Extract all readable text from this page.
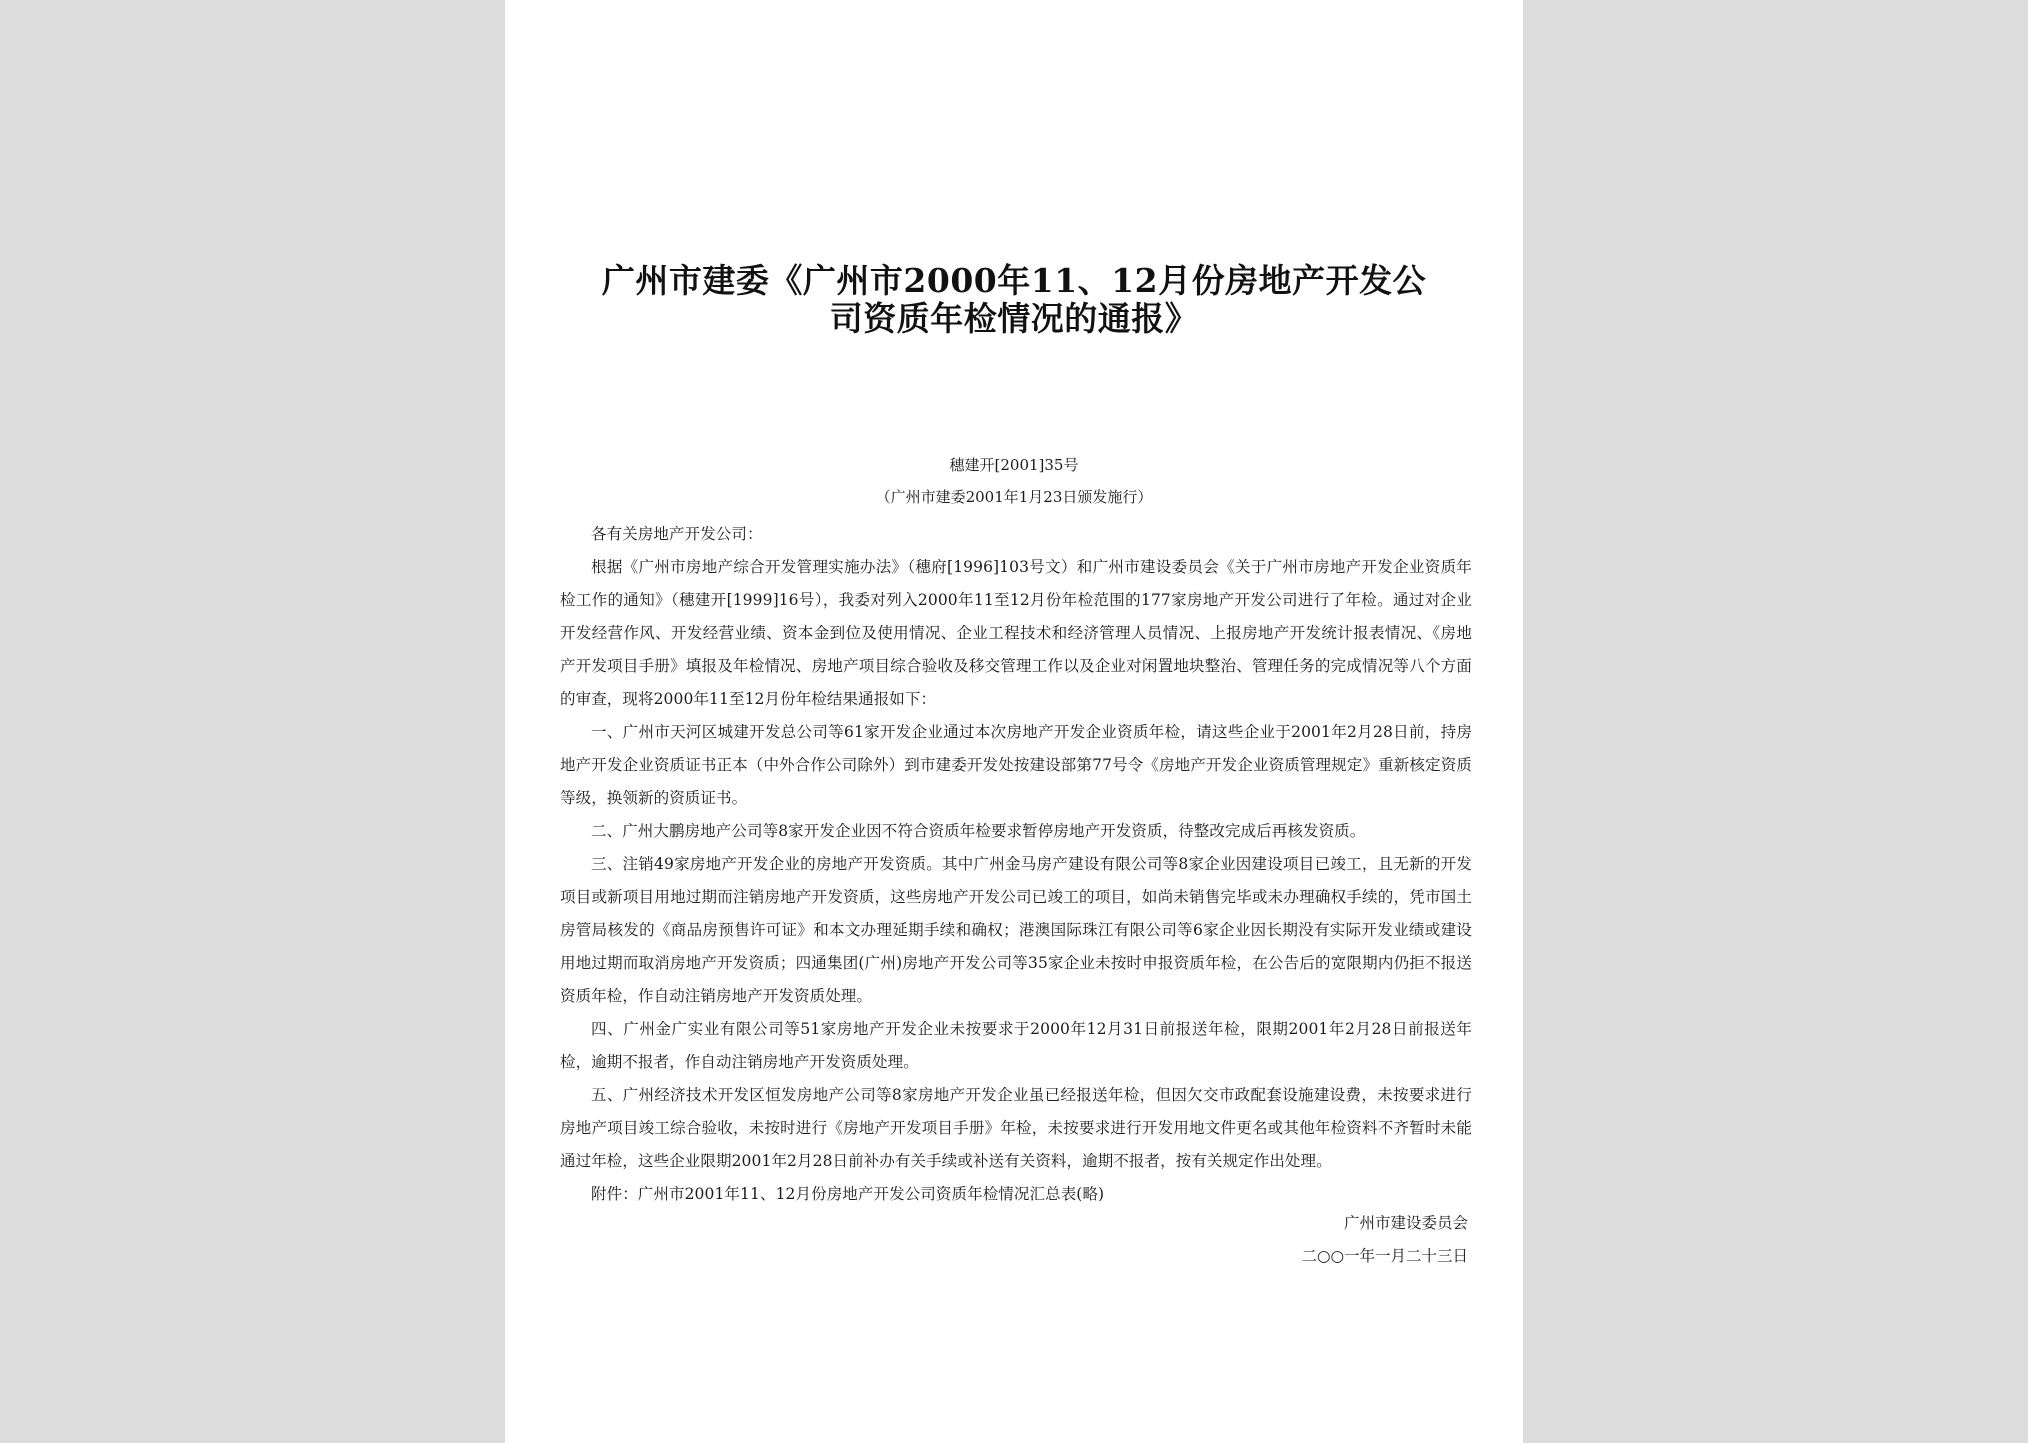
广州市建委《广州市2000年11、12月份房地产开发公司资质年检情况的通报》
穗建开[2001]35号
（广州市建委2001年1月23日颁发施行）

各有关房地产开发公司：

根据《广州市房地产综合开发管理实施办法》（穗府[1996]103号文）和广州市建设委员会《关于广州市房地产开发企业资质年检工作的通知》（穗建开[1999]16号），我委对列入2000年11至12月份年检范围的177家房地产开发公司进行了年检。通过对企业开发经营作风、开发经营业绩、资本金到位及使用情况、企业工程技术和经济管理人员情况、上报房地产开发统计报表情况、《房地产开发项目手册》填报及年检情况、房地产项目综合验收及移交管理工作以及企业对闲置地块整治、管理任务的完成情况等八个方面的审查，现将2000年11至12月份年检结果通报如下：

一、广州市天河区城建开发总公司等61家开发企业通过本次房地产开发企业资质年检，请这些企业于2001年2月28日前，持房地产开发企业资质证书正本（中外合作公司除外）到市建委开发处按建设部第77号令《房地产开发企业资质管理规定》重新核定资质等级，换领新的资质证书。

二、广州大鹏房地产公司等8家开发企业因不符合资质年检要求暂停房地产开发资质，待整改完成后再核发资质。

三、注销49家房地产开发企业的房地产开发资质。其中广州金马房产建设有限公司等8家企业因建设项目已竣工，且无新的开发项目或新项目用地过期而注销房地产开发资质，这些房地产开发公司已竣工的项目，如尚未销售完毕或未办理确权手续的，凭市国土房管局核发的《商品房预售许可证》和本文办理延期手续和确权；港澳国际珠江有限公司等6家企业因长期没有实际开发业绩或建设用地过期而取消房地产开发资质；四通集团(广州)房地产开发公司等35家企业未按时申报资质年检，在公告后的宽限期内仍拒不报送资质年检，作自动注销房地产开发资质处理。

四、广州金广实业有限公司等51家房地产开发企业未按要求于2000年12月31日前报送年检，限期2001年2月28日前报送年检，逾期不报者，作自动注销房地产开发资质处理。

五、广州经济技术开发区恒发房地产公司等8家房地产开发企业虽已经报送年检，但因欠交市政配套设施建设费，未按要求进行房地产项目竣工综合验收，未按时进行《房地产开发项目手册》年检，未按要求进行开发用地文件更名或其他年检资料不齐暂时未能通过年检，这些企业限期2001年2月28日前补办有关手续或补送有关资料，逾期不报者，按有关规定作出处理。

附件：广州市2001年11、12月份房地产开发公司资质年检情况汇总表(略)

广州市建设委员会
二○○一年一月二十三日
